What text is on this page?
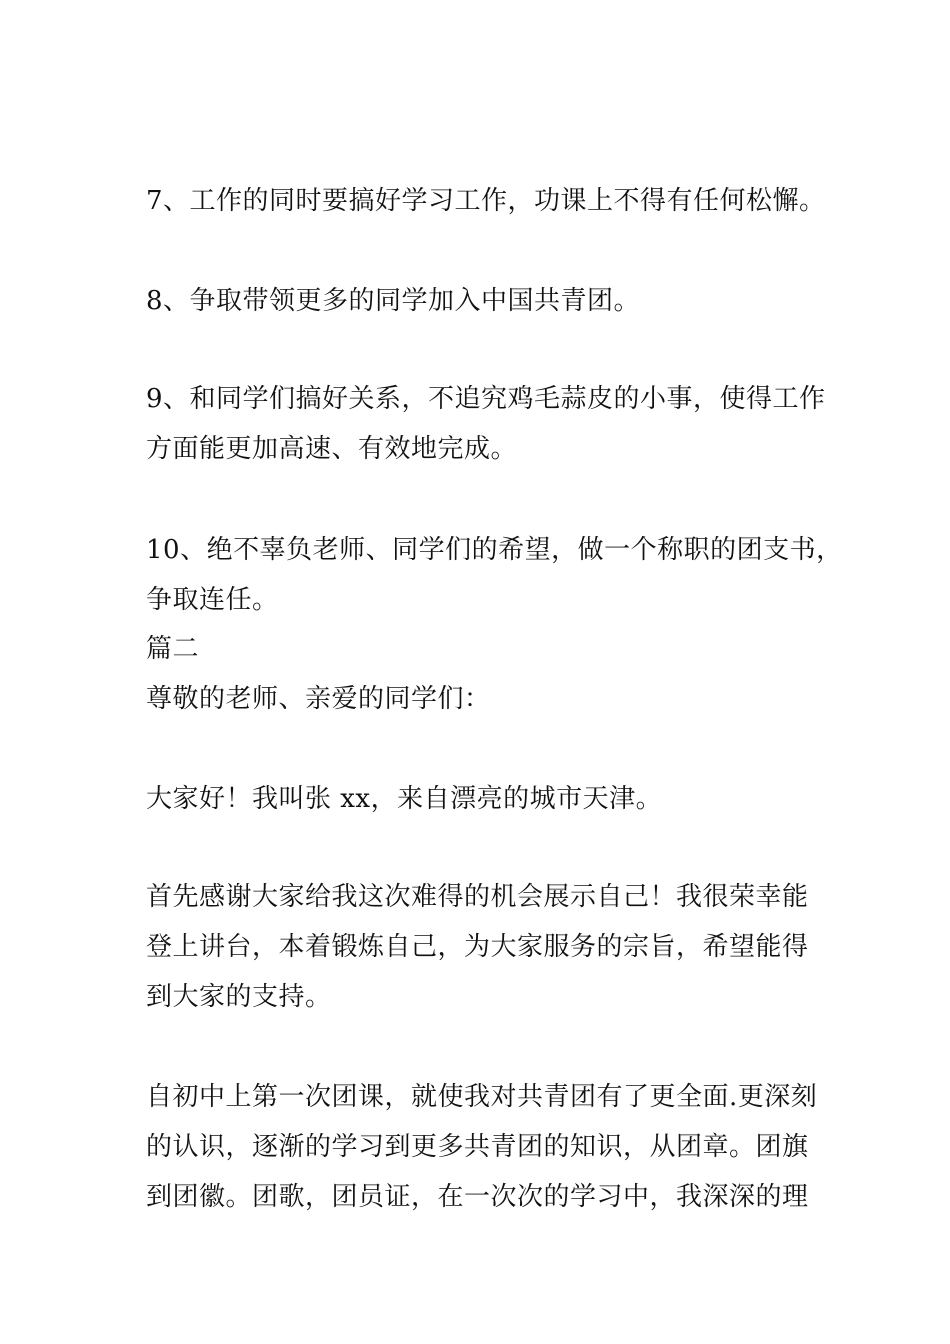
7、工作的同时要搞好学习工作，功课上不得有任何松懈。
8、争取带领更多的同学加入中国共青团。
9、和同学们搞好关系，不追究鸡毛蒜皮的小事，使得工作
方面能更加高速、有效地完成。
10、绝不辜负老师、同学们的希望，做一个称职的团支书，
争取连任。
篇二
尊敬的老师、亲爱的同学们：
大家好！我叫张 xx，来自漂亮的城市天津。
首先感谢大家给我这次难得的机会展示自己！我很荣幸能
登上讲台，本着锻炼自己，为大家服务的宗旨，希望能得
到大家的支持。
自初中上第一次团课，就使我对共青团有了更全面.更深刻
的认识，逐渐的学习到更多共青团的知识，从团章。团旗
到团徽。团歌，团员证，在一次次的学习中，我深深的理
